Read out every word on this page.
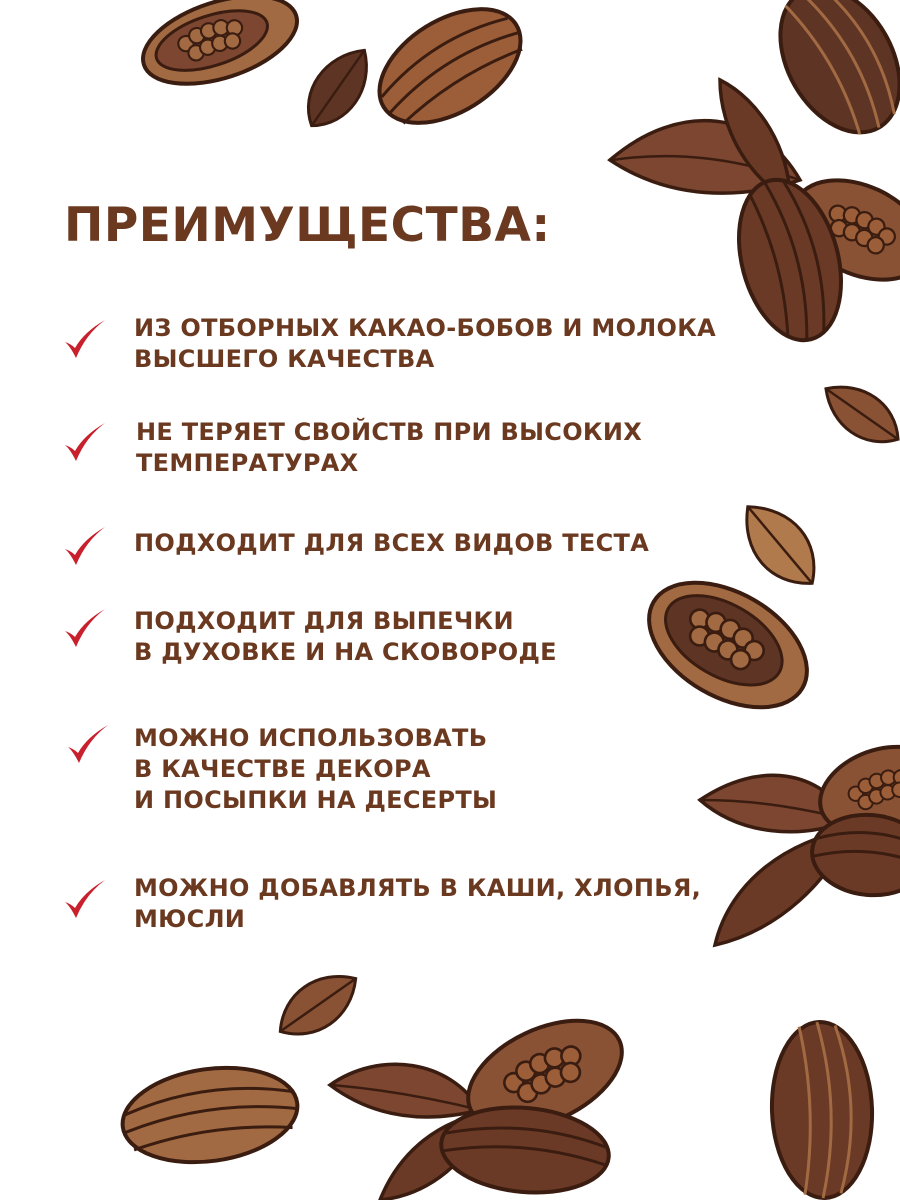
ПРЕИМУЩЕСТВА:
ИЗ ОТБОРНЫХ КАКАО-БОБОВ И МОЛОКА
ВЫСШЕГО КАЧЕСТВА
НЕ ТЕРЯЕТ СВОЙСТВ ПРИ ВЫСОКИХ
ТЕМПЕРАТУРАХ
ПОДХОДИТ ДЛЯ ВСЕХ ВИДОВ ТЕСТА
ПОДХОДИТ ДЛЯ ВЫПЕЧКИ
В ДУХОВКЕ И НА СКОВОРОДЕ
МОЖНО ИСПОЛЬЗОВАТЬ
В КАЧЕСТВЕ ДЕКОРА
И ПОСЫПКИ НА ДЕСЕРТЫ
МОЖНО ДОБАВЛЯТЬ В КАШИ, ХЛОПЬЯ,
МЮСЛИ
